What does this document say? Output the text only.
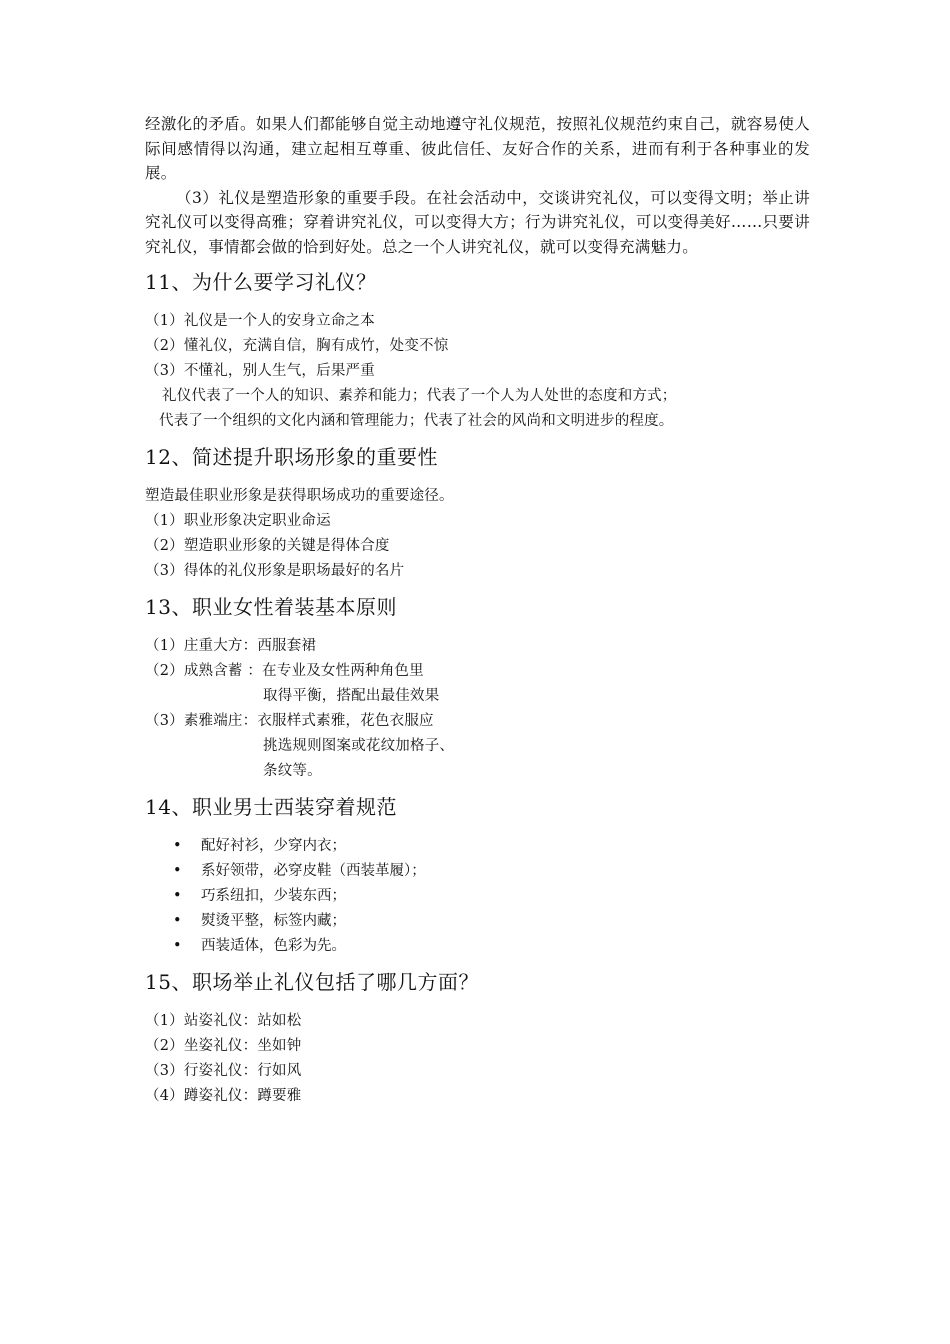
经激化的矛盾。如果人们都能够自觉主动地遵守礼仪规范，按照礼仪规范约束自己，就容易使人际间感情得以沟通，建立起相互尊重、彼此信任、友好合作的关系，进而有利于各种事业的发展。

（3）礼仪是塑造形象的重要手段。在社会活动中，交谈讲究礼仪，可以变得文明；举止讲究礼仪可以变得高雅；穿着讲究礼仪，可以变得大方；行为讲究礼仪，可以变得美好……只要讲究礼仪，事情都会做的恰到好处。总之一个人讲究礼仪，就可以变得充满魅力。

11、为什么要学习礼仪？

（1）礼仪是一个人的安身立命之本

（2）懂礼仪，充满自信，胸有成竹，处变不惊

（3）不懂礼，别人生气，后果严重

礼仪代表了一个人的知识、素养和能力；代表了一个人为人处世的态度和方式；

代表了一个组织的文化内涵和管理能力；代表了社会的风尚和文明进步的程度。

12、简述提升职场形象的重要性

塑造最佳职业形象是获得职场成功的重要途径。

（1）职业形象决定职业命运

（2）塑造职业形象的关键是得体合度

（3）得体的礼仪形象是职场最好的名片

13、职业女性着装基本原则

（1）庄重大方：西服套裙

（2）成熟含蓄 ：在专业及女性两种角色里

取得平衡，搭配出最佳效果

（3）素雅端庄：衣服样式素雅，花色衣服应

挑选规则图案或花纹加格子、

条纹等。

14、职业男士西装穿着规范
• 配好衬衫，少穿内衣；
• 系好领带，必穿皮鞋（西装革履）；
• 巧系纽扣，少装东西；
• 熨烫平整，标签内藏；
• 西装适体，色彩为先。
15、职场举止礼仪包括了哪几方面？

（1）站姿礼仪：站如松

（2）坐姿礼仪：坐如钟

（3）行姿礼仪：行如风

（4）蹲姿礼仪：蹲要雅
